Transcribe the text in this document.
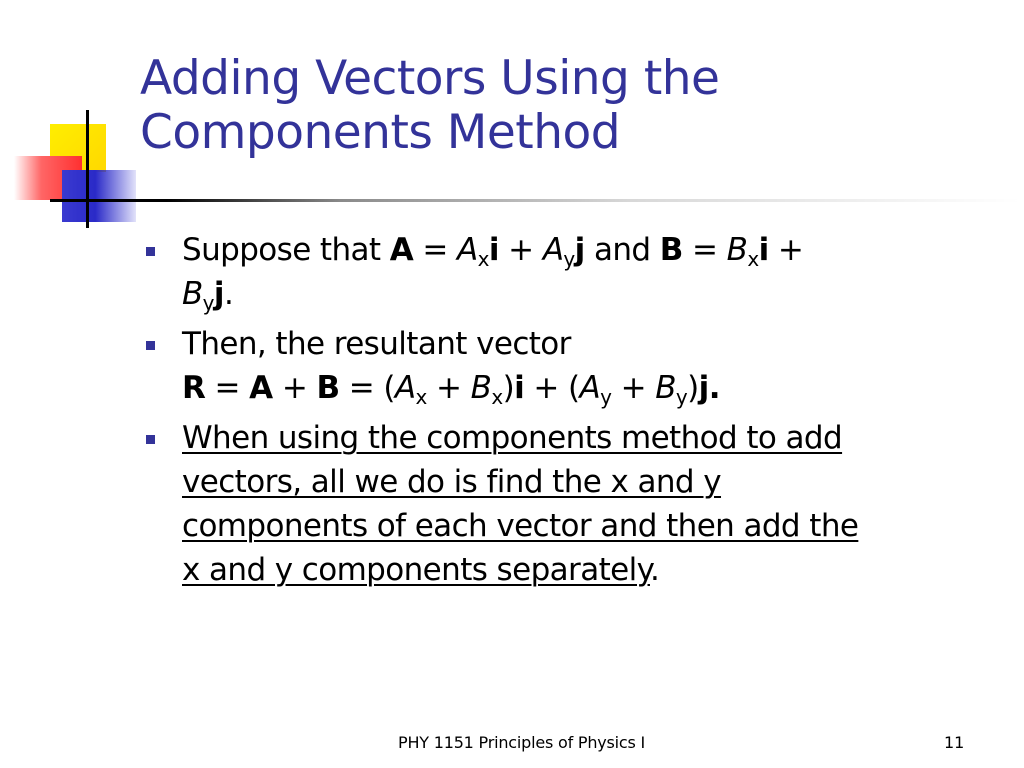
Adding Vectors Using the
Components Method
Suppose that $A = A_xi + A_yj$ and $B = B_xi$ +
$B_yj$.
Then, the resultant vector
$R = A + B = (A_x + B_x)i + (A_y + B_y)j$.
When using the components method to add
vectors, all we do is find the x and y
components of each vector and then add the
x and y components separately.
PHY 1151 Principles of Physics I	11
